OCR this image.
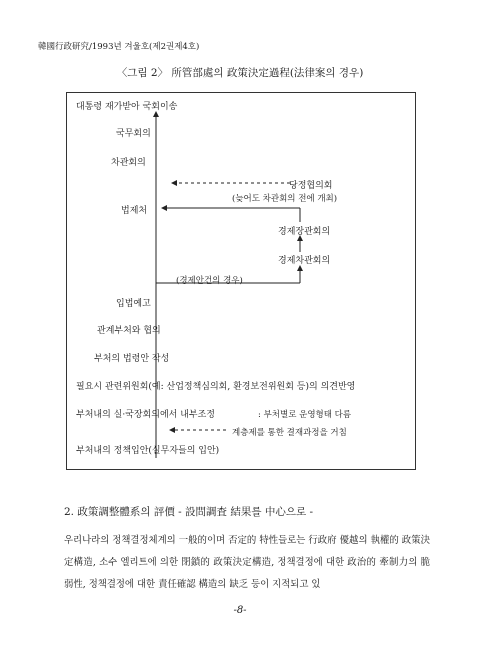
韓國行政研究/1993년 겨울호(제2권제4호)
〈그림 2〉 所管部處의 政策決定過程(法律案의 경우)
대통령 재가받아 국회이송
국무회의
차관회의
당정협의회
(늦어도 차관회의 전에 개최)
법제처
경제장관회의
경제차관회의
(경제안건의 경우)
입법예고
관계부처와 협의
부처의 법령안 작성
필요시 관련위원회(예: 산업정책심의회, 환경보전위원회 등)의 의견반영
부처내의 실·국장회의에서 내부조정	: 부처별로 운영형태 다름
계층제를 통한 결재과정을 거침
부처내의 정책입안(실무자들의 입안)
2. 政策調整體系의 評價 - 設問調査 結果를 中心으로 -
우리나라의 정책결정체계의 一般的이며 否定的 特性들로는 行政府 優越의 執權的 政策決定構造, 소수 엘리트에 의한 閉鎖的 政策決定構造, 정책결정에 대한 政治的 牽制力의 脆弱性, 정책결정에 대한 責任確認 構造의 缺乏 등이 지적되고 있
-8-
